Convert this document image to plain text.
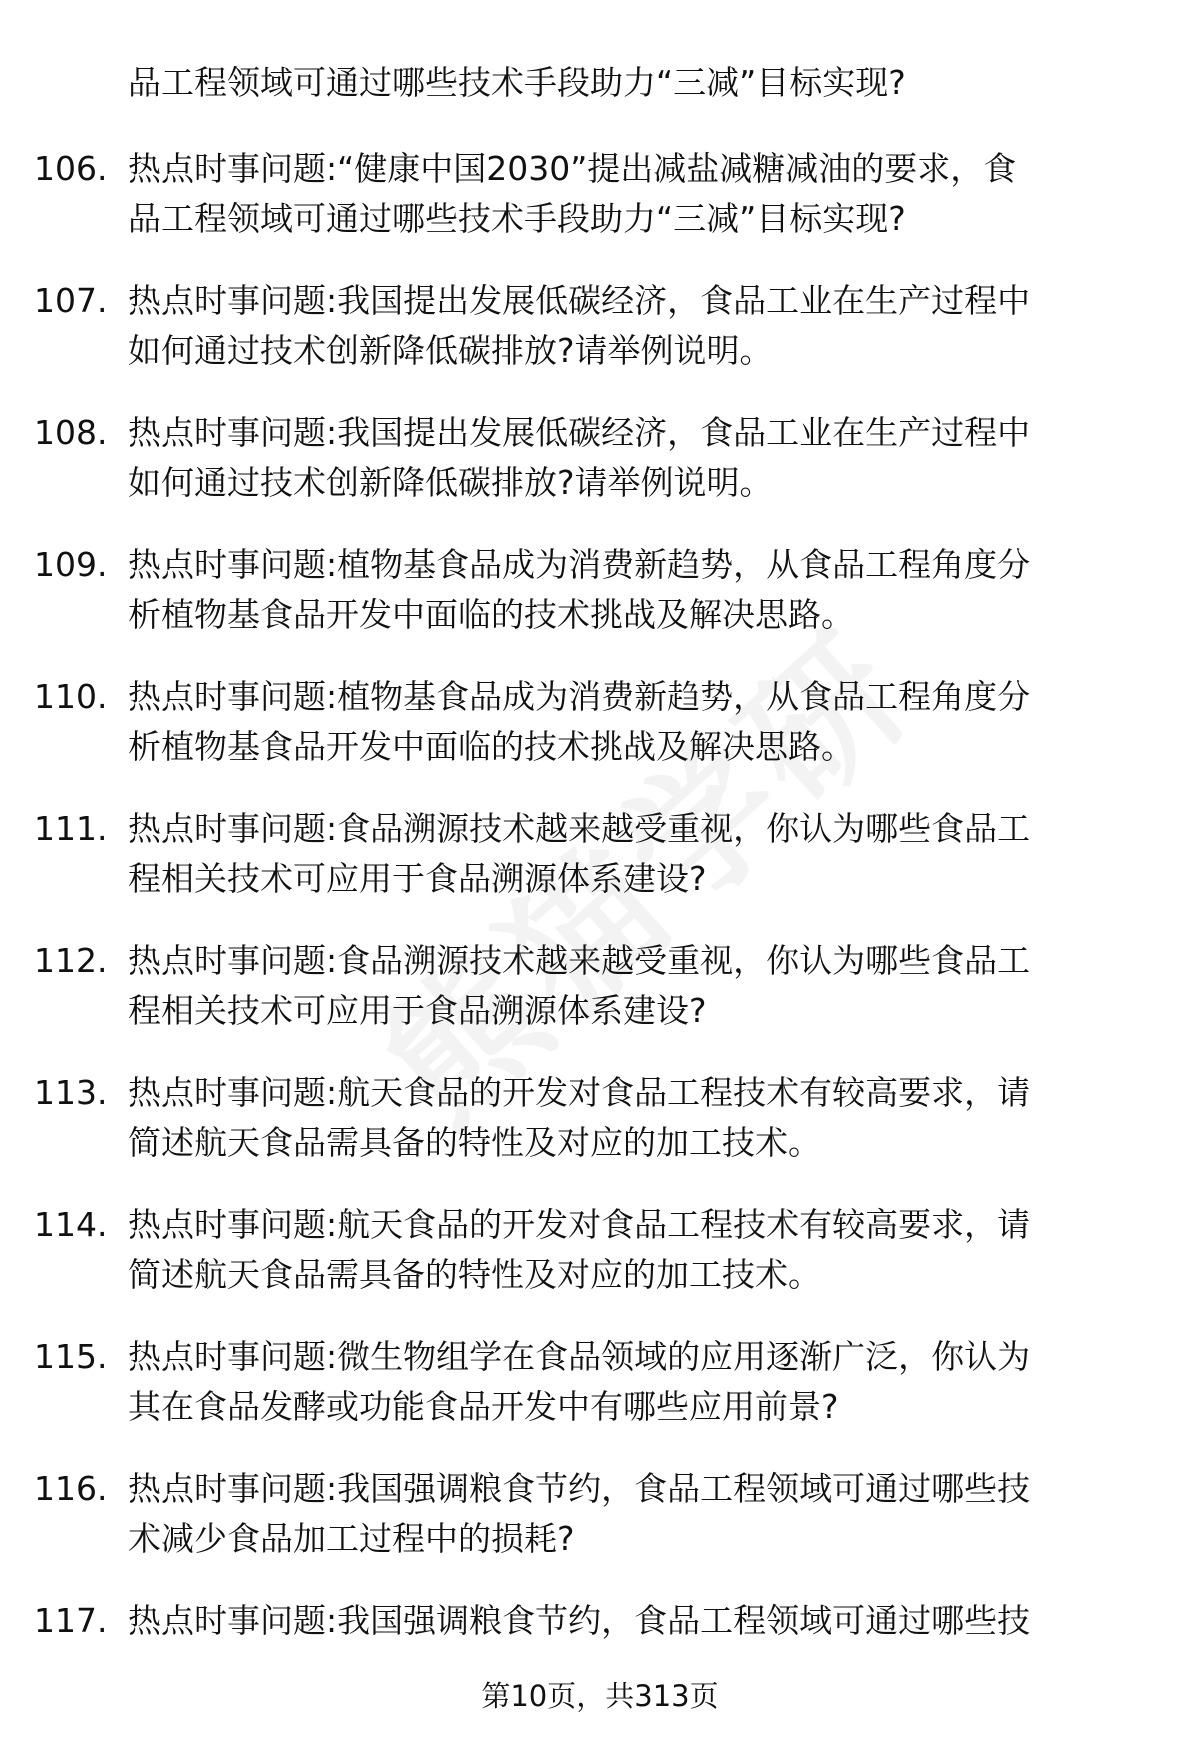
品工程领域可通过哪些技术手段助力“三减”目标实现?
106. 热点时事问题:“健康中国2030”提出减盐减糖减油的要求，食
品工程领域可通过哪些技术手段助力“三减”目标实现?
107. 热点时事问题:我国提出发展低碳经济，食品工业在生产过程中
如何通过技术创新降低碳排放?请举例说明。
108. 热点时事问题:我国提出发展低碳经济，食品工业在生产过程中
如何通过技术创新降低碳排放?请举例说明。
109. 热点时事问题:植物基食品成为消费新趋势，从食品工程角度分
析植物基食品开发中面临的技术挑战及解决思路。
110. 热点时事问题:植物基食品成为消费新趋势，从食品工程角度分
析植物基食品开发中面临的技术挑战及解决思路。
111. 热点时事问题:食品溯源技术越来越受重视，你认为哪些食品工
程相关技术可应用于食品溯源体系建设?
112. 热点时事问题:食品溯源技术越来越受重视，你认为哪些食品工
程相关技术可应用于食品溯源体系建设?
113. 热点时事问题:航天食品的开发对食品工程技术有较高要求，请
简述航天食品需具备的特性及对应的加工技术。
114. 热点时事问题:航天食品的开发对食品工程技术有较高要求，请
简述航天食品需具备的特性及对应的加工技术。
115. 热点时事问题:微生物组学在食品领域的应用逐渐广泛，你认为
其在食品发酵或功能食品开发中有哪些应用前景?
116. 热点时事问题:我国强调粮食节约，食品工程领域可通过哪些技
术减少食品加工过程中的损耗?
117. 热点时事问题:我国强调粮食节约，食品工程领域可通过哪些技
第10页，共313页
